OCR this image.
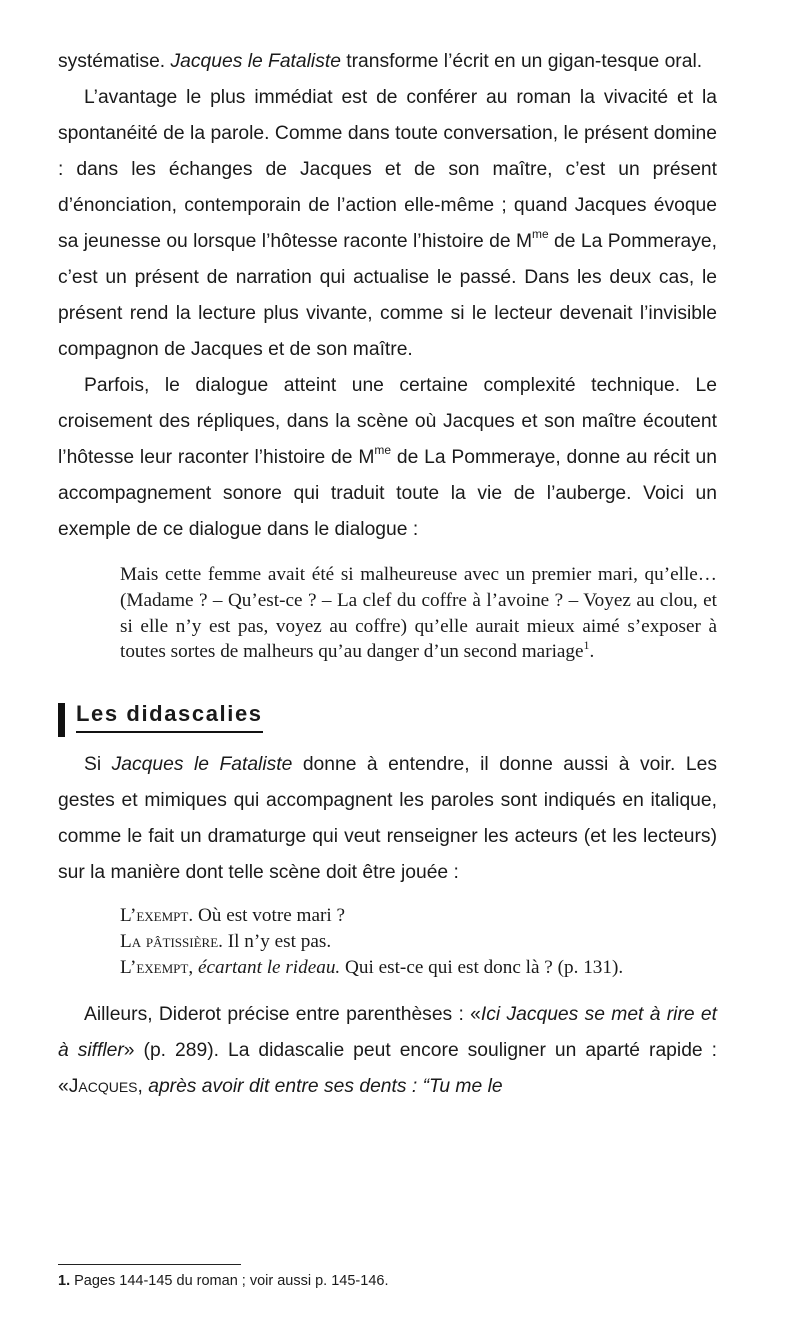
systématise. Jacques le Fataliste transforme l’écrit en un gigan-tesque oral.

L’avantage le plus immédiat est de conférer au roman la vivacité et la spontanéité de la parole. Comme dans toute conversation, le présent domine : dans les échanges de Jacques et de son maître, c’est un présent d’énonciation, contemporain de l’action elle-même ; quand Jacques évoque sa jeunesse ou lorsque l’hôtesse raconte l’histoire de $M^{me}$ de La Pommeraye, c’est un présent de narration qui actualise le passé. Dans les deux cas, le présent rend la lecture plus vivante, comme si le lecteur devenait l’invisible compagnon de Jacques et de son maître.

Parfois, le dialogue atteint une certaine complexité technique. Le croisement des répliques, dans la scène où Jacques et son maître écoutent l’hôtesse leur raconter l’histoire de $M^{me}$ de La Pommeraye, donne au récit un accompagnement sonore qui traduit toute la vie de l’auberge. Voici un exemple de ce dialogue dans le dialogue :

Mais cette femme avait été si malheureuse avec un premier mari, qu’elle… (Madame ? – Qu’est-ce ? – La clef du coffre à l’avoine ? – Voyez au clou, et si elle n’y est pas, voyez au coffre) qu’elle aurait mieux aimé s’exposer à toutes sortes de malheurs qu’au danger d’un second mariage$^1$.

Les didascalies

Si Jacques le Fataliste donne à entendre, il donne aussi à voir. Les gestes et mimiques qui accompagnent les paroles sont indiqués en italique, comme le fait un dramaturge qui veut renseigner les acteurs (et les lecteurs) sur la manière dont telle scène doit être jouée :

L’exempt. Où est votre mari ?
La pâtissière. Il n’y est pas.
L’exempt, écartant le rideau. Qui est-ce qui est donc là ? (p. 131).

Ailleurs, Diderot précise entre parenthèses : «Ici Jacques se met à rire et à siffler» (p. 289). La didascalie peut encore souligner un aparté rapide : «Jacques, après avoir dit entre ses dents : “Tu me le

1. Pages 144-145 du roman ; voir aussi p. 145-146.
